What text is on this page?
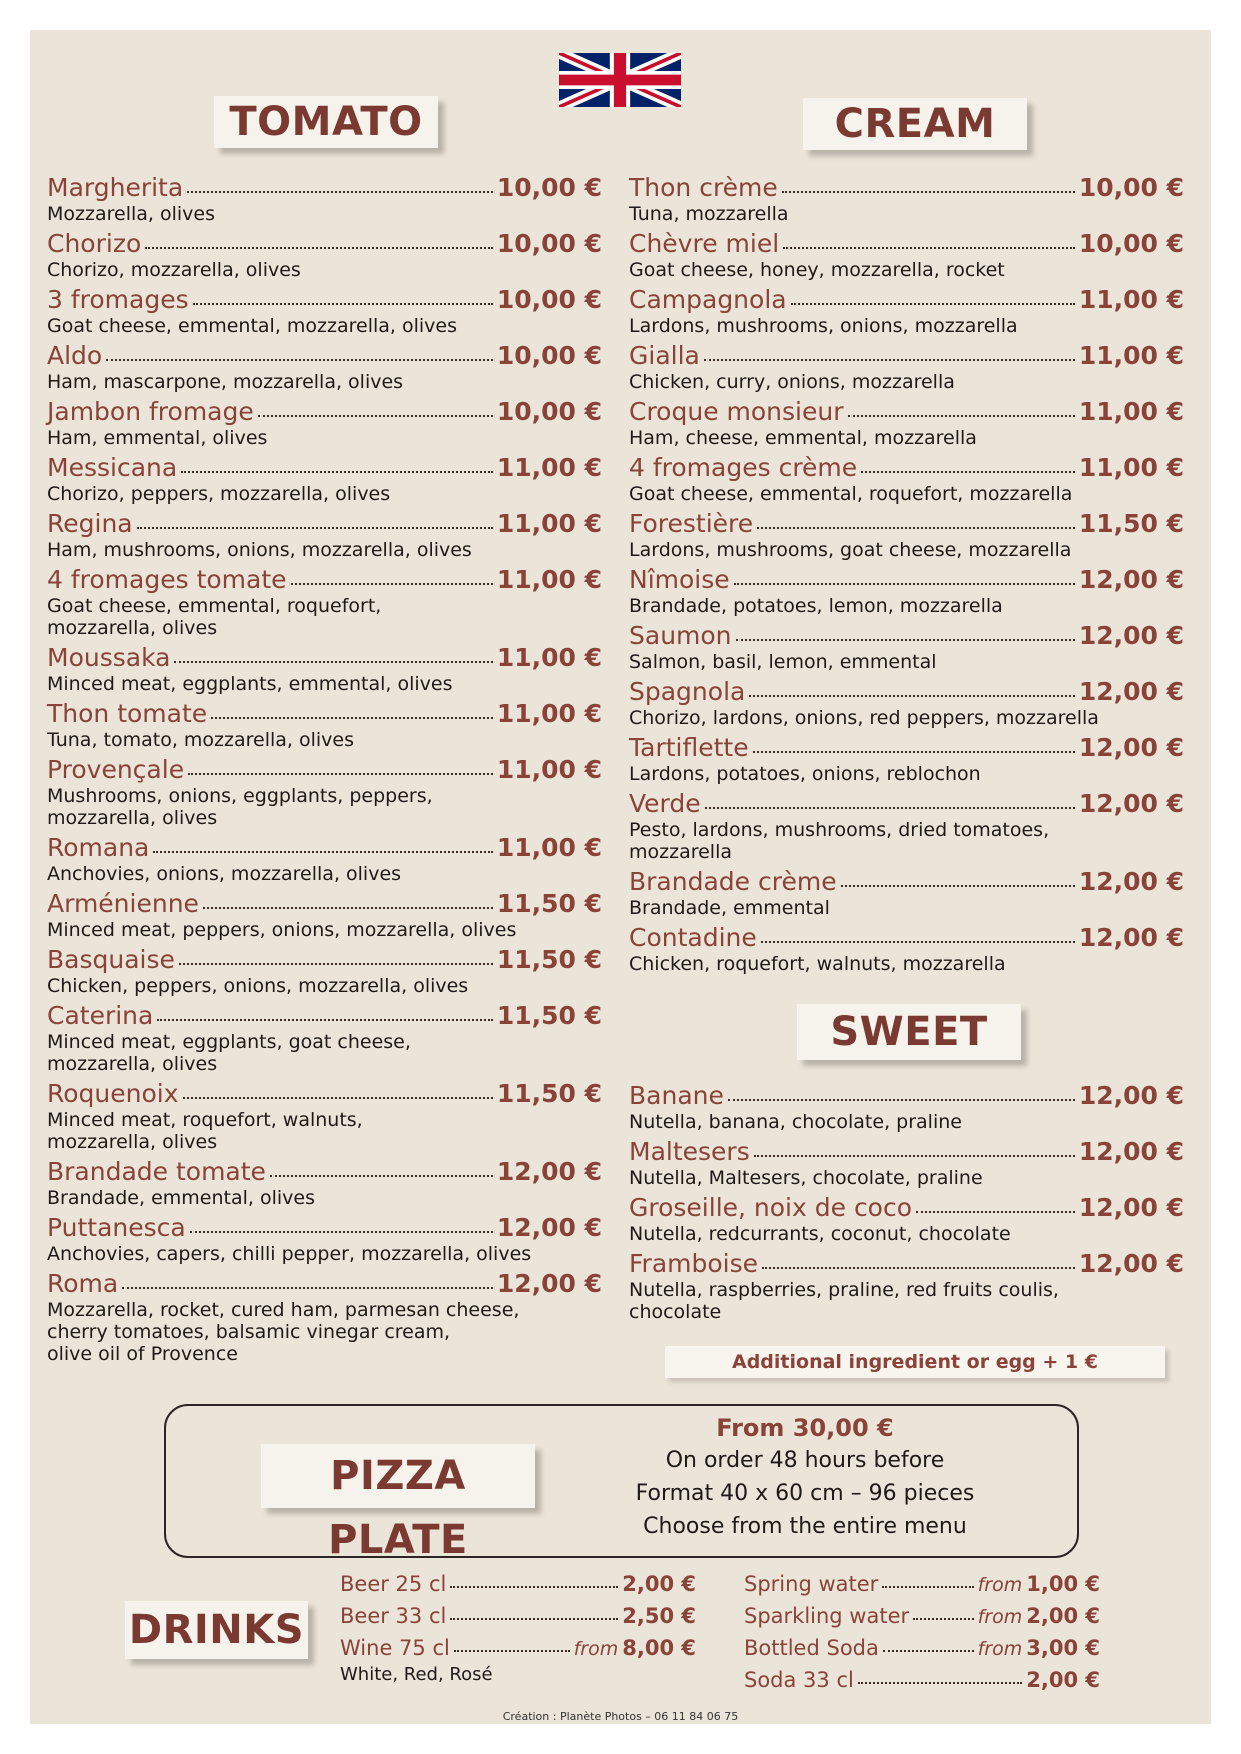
TOMATO	CREAM
SWEET
PIZZA PLATE
DRINKS
Margherita	10,00 €
Mozzarella, olives
Chorizo	10,00 €
Chorizo, mozzarella, olives
3 fromages	10,00 €
Goat cheese, emmental, mozzarella, olives
Aldo	10,00 €
Ham, mascarpone, mozzarella, olives
Jambon fromage	10,00 €
Ham, emmental, olives
Messicana	11,00 €
Chorizo, peppers, mozzarella, olives
Regina	11,00 €
Ham, mushrooms, onions, mozzarella, olives
4 fromages tomate	11,00 €
Goat cheese, emmental, roquefort,
mozzarella, olives
Moussaka	11,00 €
Minced meat, eggplants, emmental, olives
Thon tomate	11,00 €
Tuna, tomato, mozzarella, olives
Provençale	11,00 €
Mushrooms, onions, eggplants, peppers,
mozzarella, olives
Romana	11,00 €
Anchovies, onions, mozzarella, olives
Arménienne	11,50 €
Minced meat, peppers, onions, mozzarella, olives
Basquaise	11,50 €
Chicken, peppers, onions, mozzarella, olives
Caterina	11,50 €
Minced meat, eggplants, goat cheese,
mozzarella, olives
Roquenoix	11,50 €
Minced meat, roquefort, walnuts,
mozzarella, olives
Brandade tomate	12,00 €
Brandade, emmental, olives
Puttanesca	12,00 €
Anchovies, capers, chilli pepper, mozzarella, olives
Roma	12,00 €
Mozzarella, rocket, cured ham, parmesan cheese,
cherry tomatoes, balsamic vinegar cream,
olive oil of Provence
Thon crème	10,00 €
Tuna, mozzarella
Chèvre miel	10,00 €
Goat cheese, honey, mozzarella, rocket
Campagnola	11,00 €
Lardons, mushrooms, onions, mozzarella
Gialla	11,00 €
Chicken, curry, onions, mozzarella
Croque monsieur	11,00 €
Ham, cheese, emmental, mozzarella
4 fromages crème	11,00 €
Goat cheese, emmental, roquefort, mozzarella
Forestière	11,50 €
Lardons, mushrooms, goat cheese, mozzarella
Nîmoise	12,00 €
Brandade, potatoes, lemon, mozzarella
Saumon	12,00 €
Salmon, basil, lemon, emmental
Spagnola	12,00 €
Chorizo, lardons, onions, red peppers, mozzarella
Tartiflette	12,00 €
Lardons, potatoes, onions, reblochon
Verde	12,00 €
Pesto, lardons, mushrooms, dried tomatoes,
mozzarella
Brandade crème	12,00 €
Brandade, emmental
Contadine	12,00 €
Chicken, roquefort, walnuts, mozzarella
Banane	12,00 €
Nutella, banana, chocolate, praline
Maltesers	12,00 €
Nutella, Maltesers, chocolate, praline
Groseille, noix de coco	12,00 €
Nutella, redcurrants, coconut, chocolate
Framboise	12,00 €
Nutella, raspberries, praline, red fruits coulis,
chocolate
Additional ingredient or egg + 1 €
From 30,00 €
On order 48 hours before
Format 40 x 60 cm – 96 pieces
Choose from the entire menu
Beer 25 cl	2,00 €
Beer 33 cl	2,50 €
Wine 75 cl	from 8,00 €
White, Red, Rosé
Spring water	from 1,00 €
Sparkling water	from 2,00 €
Bottled Soda	from 3,00 €
Soda 33 cl	2,00 €
Création : Planète Photos – 06 11 84 06 75
